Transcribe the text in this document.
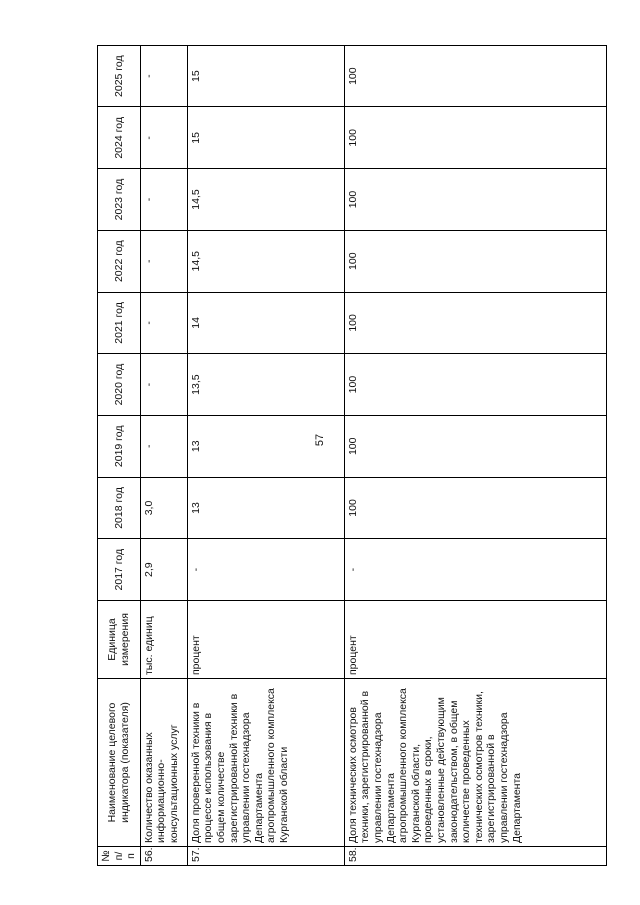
57
№ п/п	Наименование целевого индикатора (показателя)	Единица измерения	2017 год	2018 год	2019 год	2020 год	2021 год	2022 год	2023 год	2024 год	2025 год
56.	Количество оказанных информационно-консультационных услуг	тыс. единиц	2,9	3,0	-	-	-	-	-	-	-
57.	Доля проверенной техники в процессе использования в общем количестве зарегистрированной техники в управлении гостехнадзора Департамента агропромышленного комплекса Курганской области	процент	-	13	13	13,5	14	14,5	14,5	15	15
58.	Доля технических осмотров техники, зарегистрированной в управлении гостехнадзора Департамента агропромышленного комплекса Курганской области, проведенных в сроки, установленные действующим законодательством, в общем количестве проведенных технических осмотров техники, зарегистрированной в управлении гостехнадзора Департамента	процент	-	100	100	100	100	100	100	100	100
